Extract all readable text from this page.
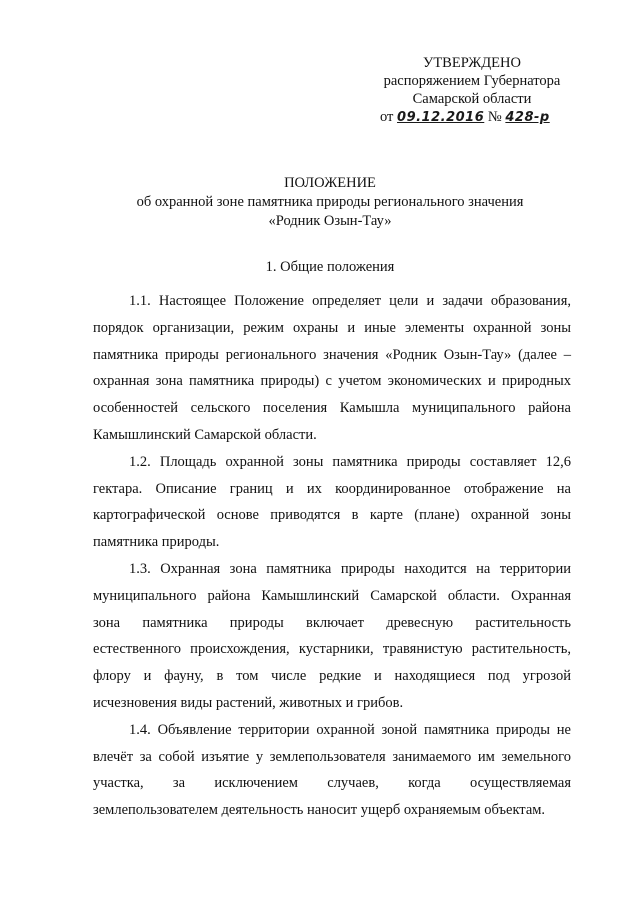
УТВЕРЖДЕНО
распоряжением Губернатора
Самарской области
от 09.12.2016 № 428-р
ПОЛОЖЕНИЕ
об охранной зоне памятника природы регионального значения
«Родник Озын-Тау»
1. Общие положения
1.1. Настоящее Положение определяет цели и задачи образования,
порядок организации, режим охраны и иные элементы охранной зоны
памятника природы регионального значения «Родник Озын-Тау» (далее –
охранная зона памятника природы) с учетом экономических и природных
особенностей сельского поселения Камышла муниципального района
Камышлинский Самарской области.
1.2. Площадь охранной зоны памятника природы составляет 12,6
гектара. Описание границ и их координированное отображение на
картографической основе приводятся в карте (плане) охранной зоны
памятника природы.
1.3. Охранная зона памятника природы находится на территории
муниципального района Камышлинский Самарской области. Охранная
зона памятника природы включает древесную растительность
естественного происхождения, кустарники, травянистую растительность,
флору и фауну, в том числе редкие и находящиеся под угрозой
исчезновения виды растений, животных и грибов.
1.4. Объявление территории охранной зоной памятника природы не
влечёт за собой изъятие у землепользователя занимаемого им земельного
участка, за исключением случаев, когда осуществляемая
землепользователем деятельность наносит ущерб охраняемым объектам.
